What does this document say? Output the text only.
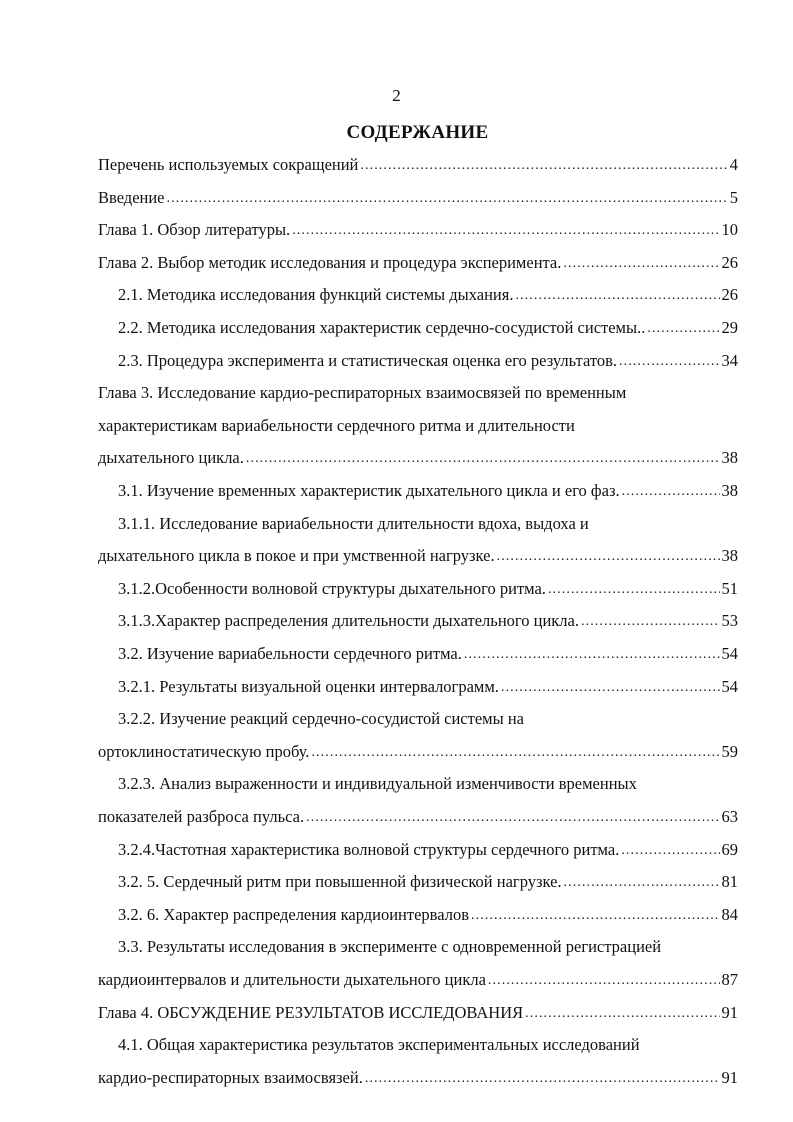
2
СОДЕРЖАНИЕ
Перечень используемых сокращений . . .	4
Введение . . .	5
Глава 1. Обзор литературы. . . .	10
Глава 2. Выбор методик исследования и процедура эксперимента. . . .	26
2.1. Методика исследования функций системы дыхания. . . .	26
2.2. Методика исследования характеристик сердечно-сосудистой системы.. . . .	29
2.3. Процедура эксперимента и статистическая оценка его результатов. . . .	34
Глава 3. Исследование кардио-респираторных взаимосвязей по временным
характеристикам вариабельности сердечного ритма и длительности
дыхательного цикла. . . .	38
3.1. Изучение временных характеристик дыхательного цикла и его фаз. . . .	38
3.1.1. Исследование вариабельности длительности вдоха, выдоха и
дыхательного цикла в покое и при умственной нагрузке. . . .	38
3.1.2.Особенности волновой структуры дыхательного ритма. . . .	51
3.1.3.Характер распределения длительности дыхательного цикла. . . .	53
3.2. Изучение вариабельности сердечного ритма. . . .	54
3.2.1. Результаты визуальной оценки интервалограмм. . . .	54
3.2.2. Изучение реакций сердечно-сосудистой системы на
ортоклиностатическую пробу. . . .	59
3.2.3. Анализ выраженности и индивидуальной изменчивости временных
показателей разброса пульса. . . .	63
3.2.4.Частотная характеристика волновой структуры сердечного ритма. . . .	69
3.2. 5. Сердечный ритм при повышенной физической нагрузке. . . .	81
3.2. 6. Характер распределения кардиоинтервалов . . .	84
3.3. Результаты исследования в эксперименте с одновременной регистрацией
кардиоинтервалов и длительности дыхательного цикла . . .	87
Глава 4. ОБСУЖДЕНИЕ РЕЗУЛЬТАТОВ ИССЛЕДОВАНИЯ . . .	91
4.1. Общая характеристика результатов экспериментальных исследований
кардио-респираторных взаимосвязей. . . .	91
